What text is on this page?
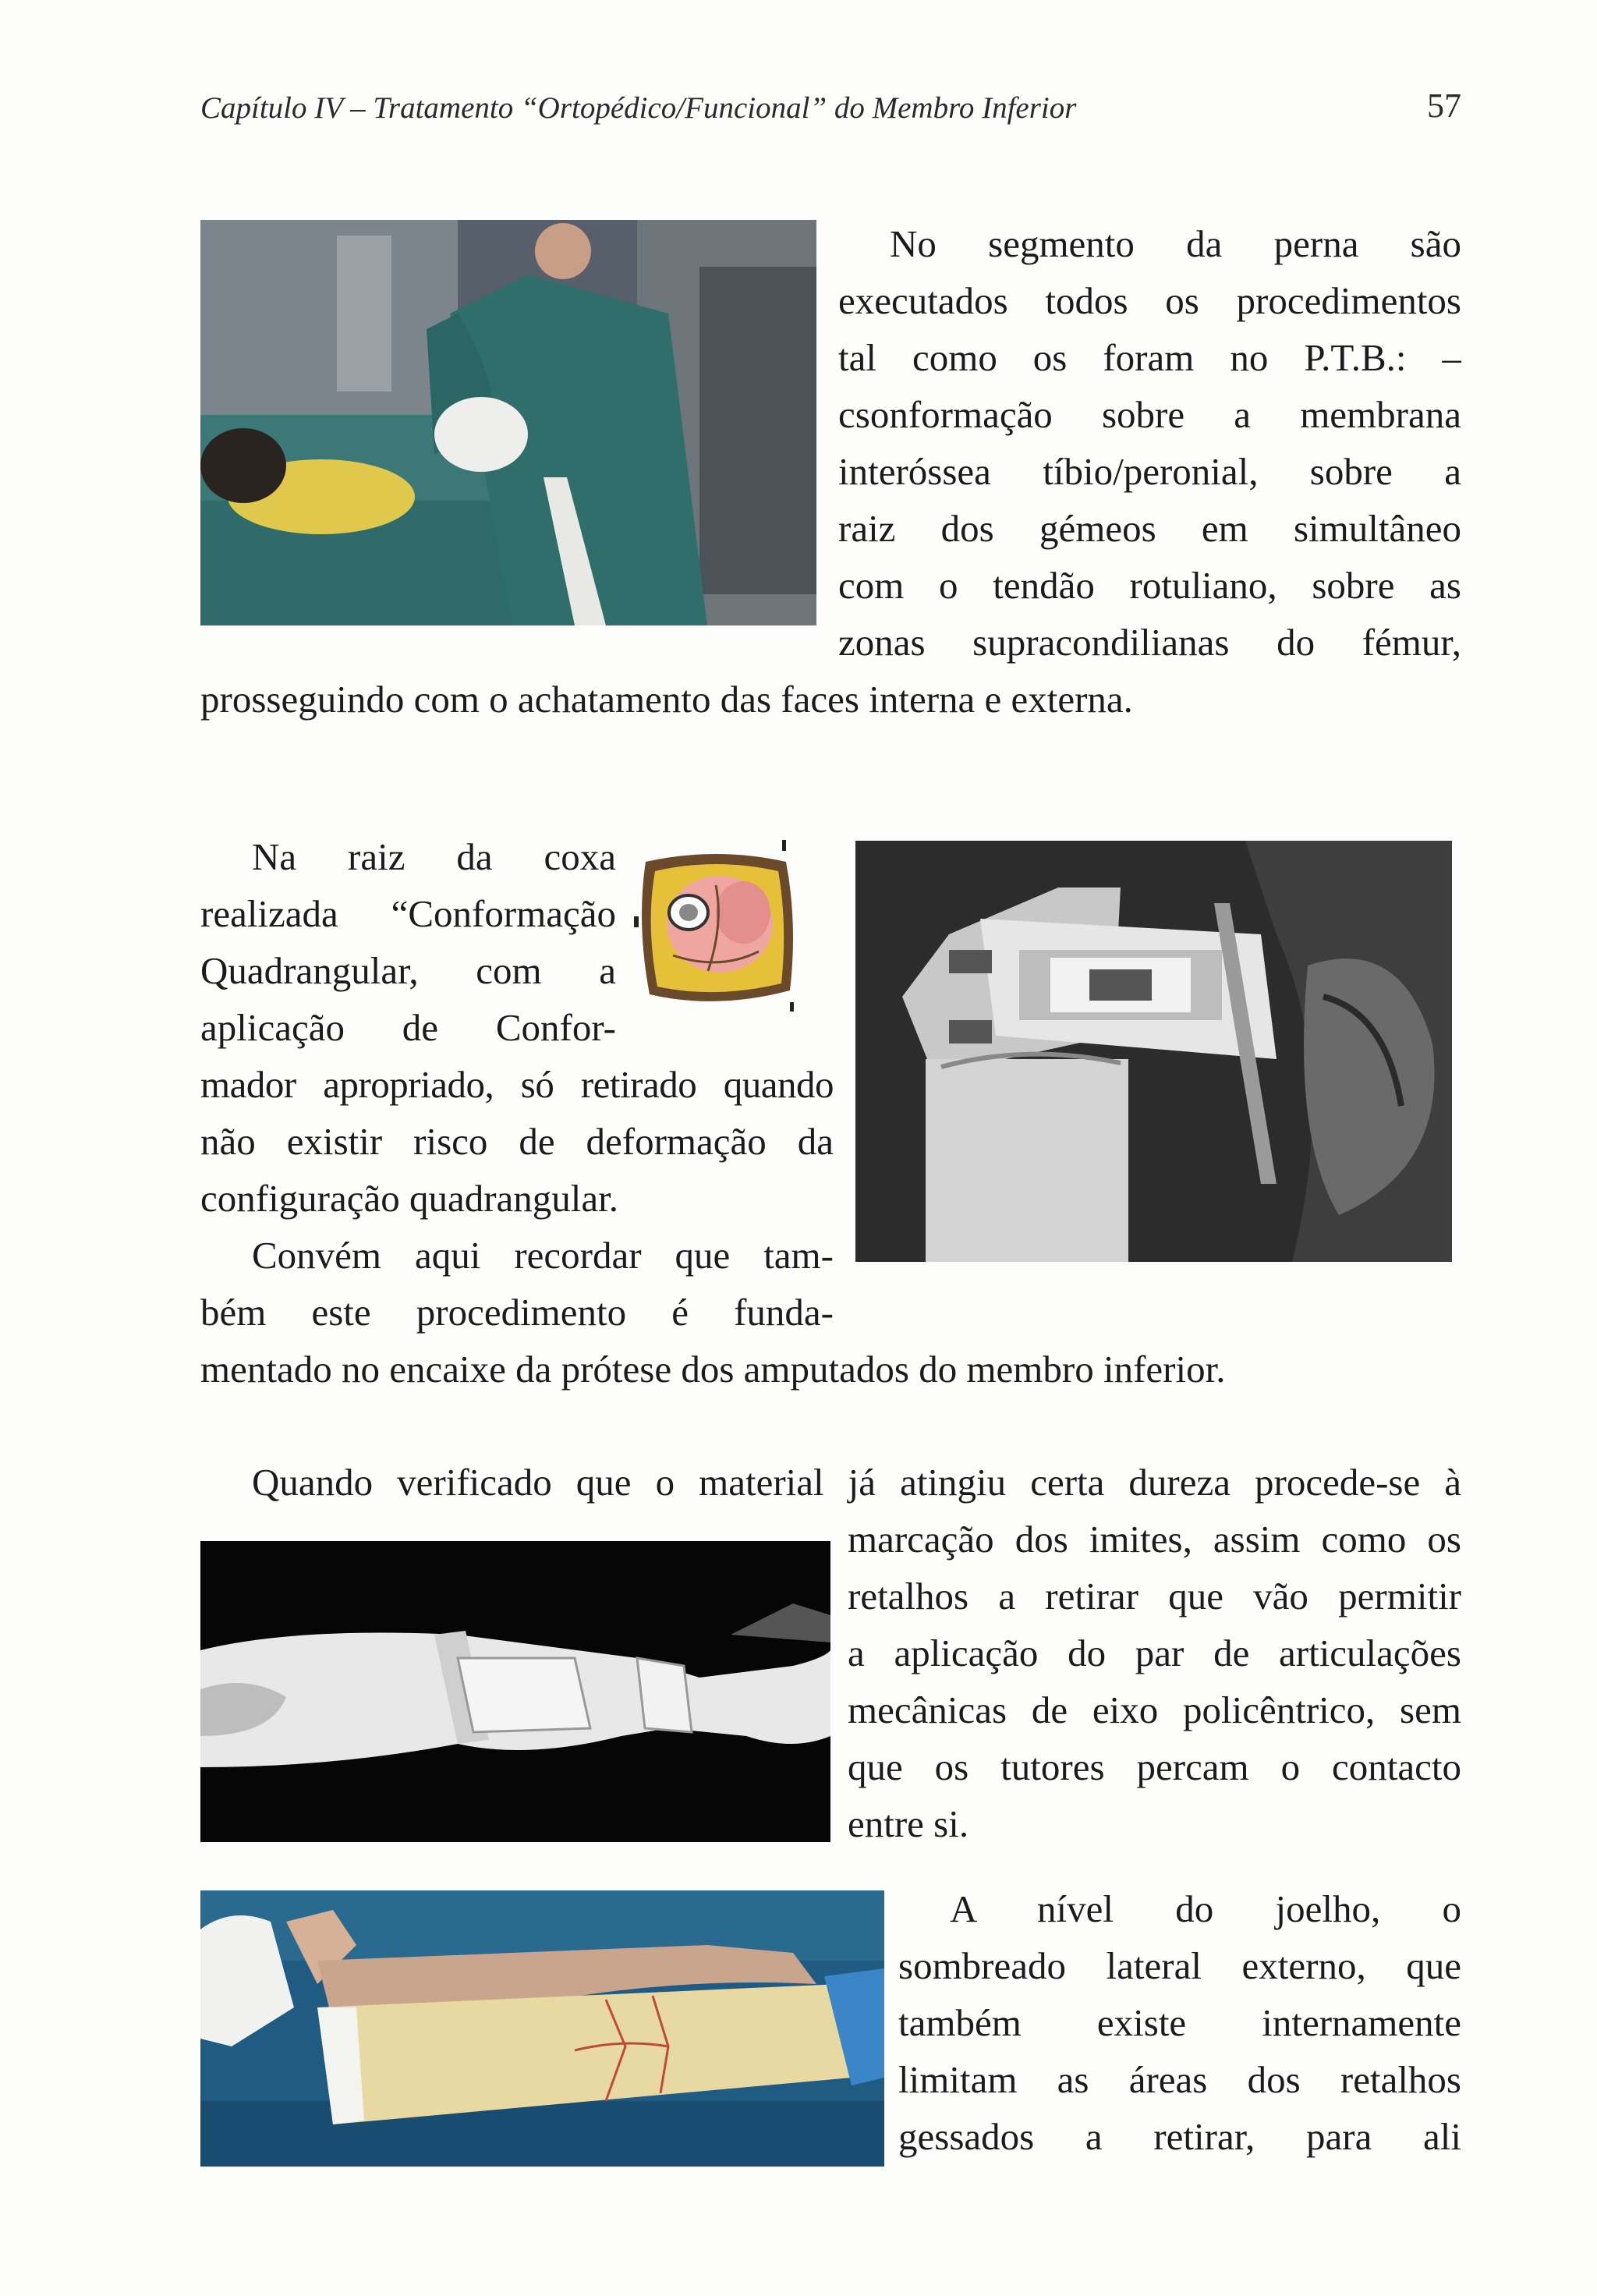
Capítulo IV – Tratamento “Ortopédico/Funcional” do Membro Inferior	57
No segmento da perna são
executados todos os procedimentos
tal como os foram no P.T.B.: –
csonformação sobre a membrana
interóssea tíbio/peronial, sobre a
raiz dos gémeos em simultâneo
com o tendão rotuliano, sobre as
zonas supracondilianas do fémur,
prosseguindo com o achatamento das faces interna e externa.
Na raiz da coxa
realizada “Conformação
Quadrangular, com a
aplicação de Confor-
mador apropriado, só retirado quando
não existir risco de deformação da
configuração quadrangular.
Convém aqui recordar que tam-
bém este procedimento é funda-
mentado no encaixe da prótese dos amputados do membro inferior.
Quando verificado que o material já atingiu certa dureza procede-se à
marcação dos imites, assim como os
retalhos a retirar que vão permitir
a aplicação do par de articulações
mecânicas de eixo policêntrico, sem
que os tutores percam o contacto
entre si.
A nível do joelho, o
sombreado lateral externo, que
também existe internamente
limitam as áreas dos retalhos
gessados a retirar, para ali
